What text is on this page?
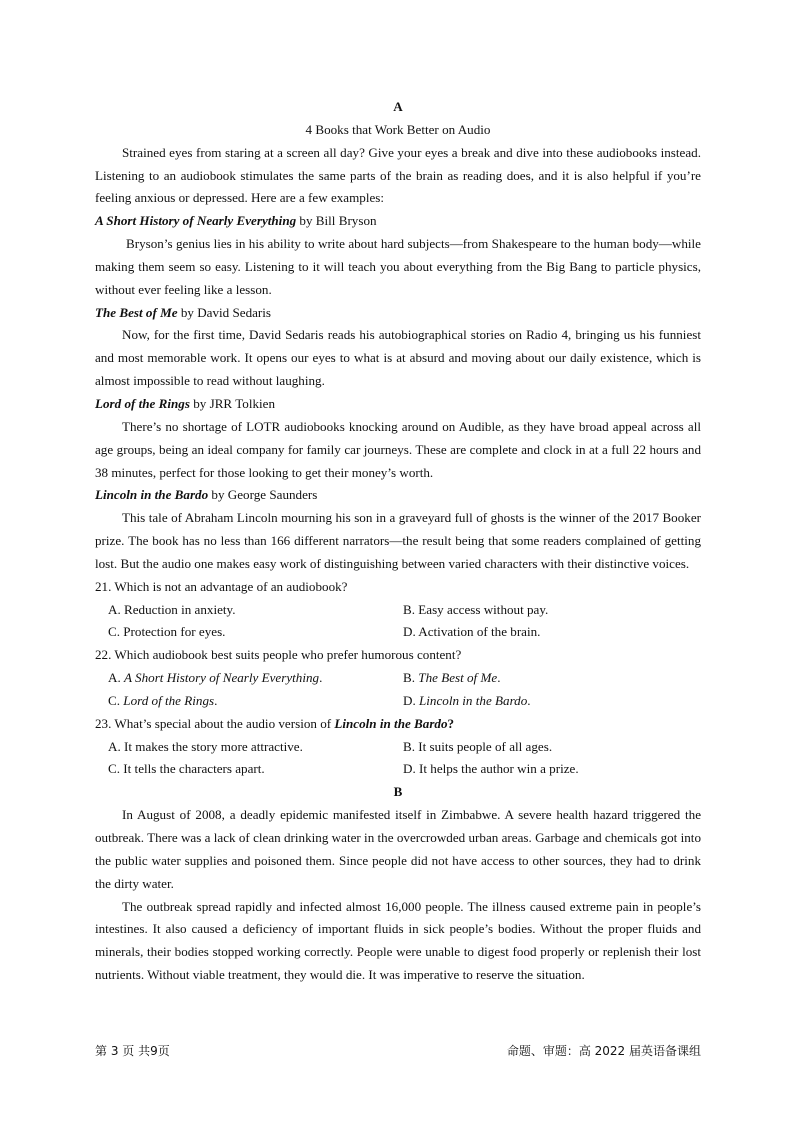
A

4 Books that Work Better on Audio

Strained eyes from staring at a screen all day? Give your eyes a break and dive into these audiobooks instead. Listening to an audiobook stimulates the same parts of the brain as reading does, and it is also helpful if you’re feeling anxious or depressed. Here are a few examples:

A Short History of Nearly Everything by Bill Bryson

Bryson’s genius lies in his ability to write about hard subjects—from Shakespeare to the human body—while making them seem so easy. Listening to it will teach you about everything from the Big Bang to particle physics, without ever feeling like a lesson.

The Best of Me by David Sedaris

Now, for the first time, David Sedaris reads his autobiographical stories on Radio 4, bringing us his funniest and most memorable work. It opens our eyes to what is at absurd and moving about our daily existence, which is almost impossible to read without laughing.

Lord of the Rings by JRR Tolkien

There’s no shortage of LOTR audiobooks knocking around on Audible, as they have broad appeal across all age groups, being an ideal company for family car journeys. These are complete and clock in at a full 22 hours and 38 minutes, perfect for those looking to get their money’s worth.

Lincoln in the Bardo by George Saunders

This tale of Abraham Lincoln mourning his son in a graveyard full of ghosts is the winner of the 2017 Booker prize. The book has no less than 166 different narrators—the result being that some readers complained of getting lost. But the audio one makes easy work of distinguishing between varied characters with their distinctive voices.

21. Which is not an advantage of an audiobook?

A. Reduction in anxiety.	B. Easy access without pay.
C. Protection for eyes.	D. Activation of the brain.

22. Which audiobook best suits people who prefer humorous content?

A. A Short History of Nearly Everything.	B. The Best of Me.
C. Lord of the Rings.	D. Lincoln in the Bardo.

23. What’s special about the audio version of Lincoln in the Bardo?

A. It makes the story more attractive.	B. It suits people of all ages.
C. It tells the characters apart.	D. It helps the author win a prize.

B

In August of 2008, a deadly epidemic manifested itself in Zimbabwe. A severe health hazard triggered the outbreak. There was a lack of clean drinking water in the overcrowded urban areas. Garbage and chemicals got into the public water supplies and poisoned them. Since people did not have access to other sources, they had to drink the dirty water.

The outbreak spread rapidly and infected almost 16,000 people. The illness caused extreme pain in people’s intestines. It also caused a deficiency of important fluids in sick people’s bodies. Without the proper fluids and minerals, their bodies stopped working correctly. People were unable to digest food properly or replenish their lost nutrients. Without viable treatment, they would die. It was imperative to reserve the situation.

第 3 页 共9页	命题、审题：高 2022 届英语备课组
